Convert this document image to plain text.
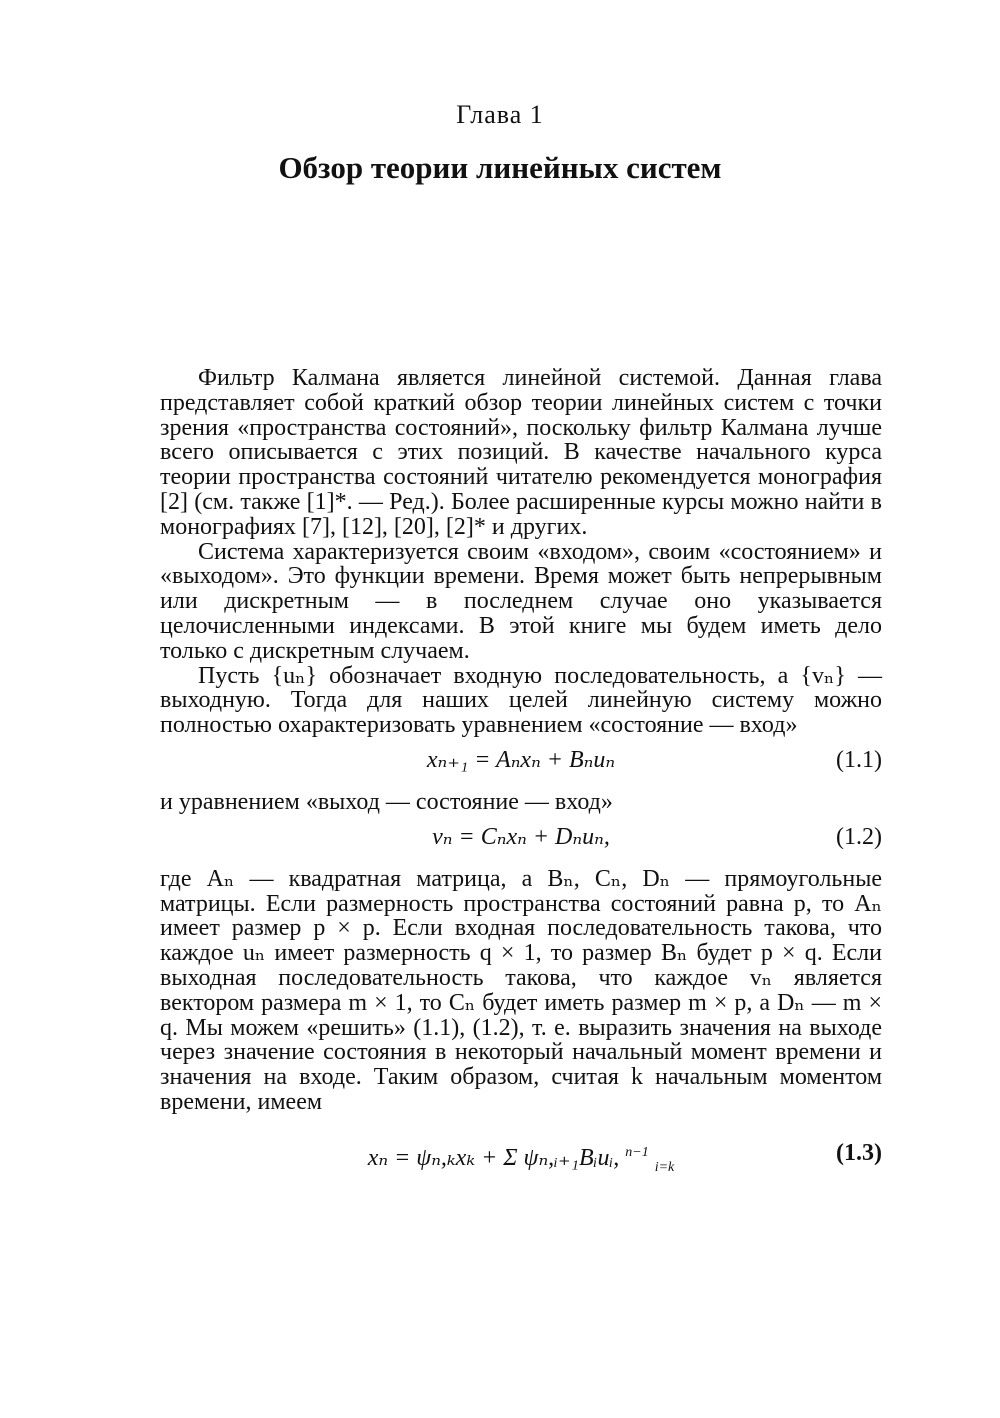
Глава 1
Обзор теории линейных систем

Фильтр Калмана является линейной системой. Данная глава представляет собой краткий обзор теории линейных систем с точки зрения «пространства состояний», поскольку фильтр Калмана лучше всего описывается с этих позиций. В качестве начального курса теории пространства состояний читателю рекомендуется монография [2] (см. также [1]*. — Ред.). Более расширенные курсы можно найти в монографиях [7], [12], [20], [2]* и других.

Система характеризуется своим «входом», своим «состоянием» и «выходом». Это функции времени. Время может быть непрерывным или дискретным — в последнем случае оно указывается целочисленными индексами. В этой книге мы будем иметь дело только с дискретным случаем.

Пусть {uₙ} обозначает входную последовательность, а {vₙ} — выходную. Тогда для наших целей линейную систему можно полностью охарактеризовать уравнением «состояние — вход»

xₙ₊₁ = Aₙxₙ + Bₙuₙ	(1.1)

и уравнением «выход — состояние — вход»

vₙ = Cₙxₙ + Dₙuₙ,	(1.2)

где Aₙ — квадратная матрица, а Bₙ, Cₙ, Dₙ — прямоугольные матрицы. Если размерность пространства состояний равна p, то Aₙ имеет размер p × p. Если входная последовательность такова, что каждое uₙ имеет размерность q × 1, то размер Bₙ будет p × q. Если выходная последовательность такова, что каждое vₙ является вектором размера m × 1, то Cₙ будет иметь размер m × p, а Dₙ — m × q. Мы можем «решить» (1.1), (1.2), т. е. выразить значения на выходе через значение состояния в некоторый начальный момент времени и значения на входе. Таким образом, считая k начальным моментом времени, имеем

xₙ = ψₙ,ₖxₖ + Σ ψₙ,ᵢ₊₁Bᵢuᵢ, $^{n-1}$ $_{i=k}$
(1.3)
